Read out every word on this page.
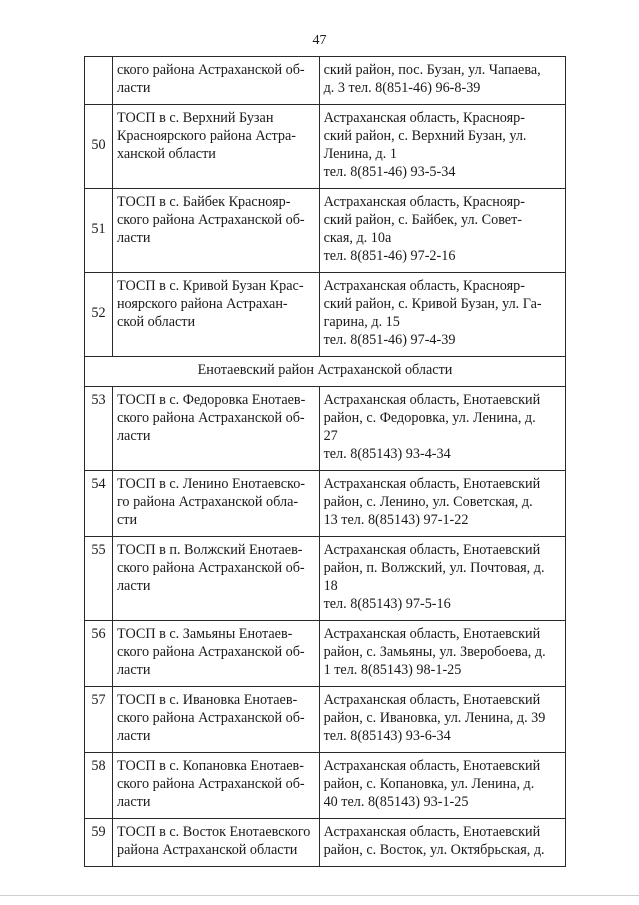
47

	ского района Астраханской об-
ласти	ский район, пос. Бузан, ул. Чапаева,
д. 3 тел. 8(851-46) 96-8-39

50	ТОСП в с. Верхний Бузан
Красноярского района Астра-
ханской области	Астраханская область, Краснояр-
ский район, с. Верхний Бузан, ул.
Ленина, д. 1
тел. 8(851-46) 93-5-34

51	ТОСП в с. Байбек Краснояр-
ского района Астраханской об-
ласти	Астраханская область, Краснояр-
ский район, с. Байбек, ул. Совет-
ская, д. 10а
тел. 8(851-46) 97-2-16

52	ТОСП в с. Кривой Бузан Крас-
ноярского района Астрахан-
ской области	Астраханская область, Краснояр-
ский район, с. Кривой Бузан, ул. Га-
гарина, д. 15
тел. 8(851-46) 97-4-39

Енотаевский район Астраханской области		
53	ТОСП в с. Федоровка Енотаев-
ского района Астраханской об-
ласти	Астраханская область, Енотаевский
район, с. Федоровка, ул. Ленина, д.
27
тел. 8(85143) 93-4-34

54	ТОСП в с. Ленино Енотаевско-
го района Астраханской обла-
сти	Астраханская область, Енотаевский
район, с. Ленино, ул. Советская, д.
13 тел. 8(85143) 97-1-22

55	ТОСП в п. Волжский Енотаев-
ского района Астраханской об-
ласти	Астраханская область, Енотаевский
район, п. Волжский, ул. Почтовая, д.
18
тел. 8(85143) 97-5-16

56	ТОСП в с. Замьяны Енотаев-
ского района Астраханской об-
ласти	Астраханская область, Енотаевский
район, с. Замьяны, ул. Зверобоева, д.
1 тел. 8(85143) 98-1-25

57	ТОСП в с. Ивановка Енотаев-
ского района Астраханской об-
ласти	Астраханская область, Енотаевский
район, с. Ивановка, ул. Ленина, д. 39
тел. 8(85143) 93-6-34

58	ТОСП в с. Копановка Енотаев-
ского района Астраханской об-
ласти	Астраханская область, Енотаевский
район, с. Копановка, ул. Ленина, д.
40 тел. 8(85143) 93-1-25

59	ТОСП в с. Восток Енотаевского
района Астраханской области	Астраханская область, Енотаевский
район, с. Восток, ул. Октябрьская, д.
